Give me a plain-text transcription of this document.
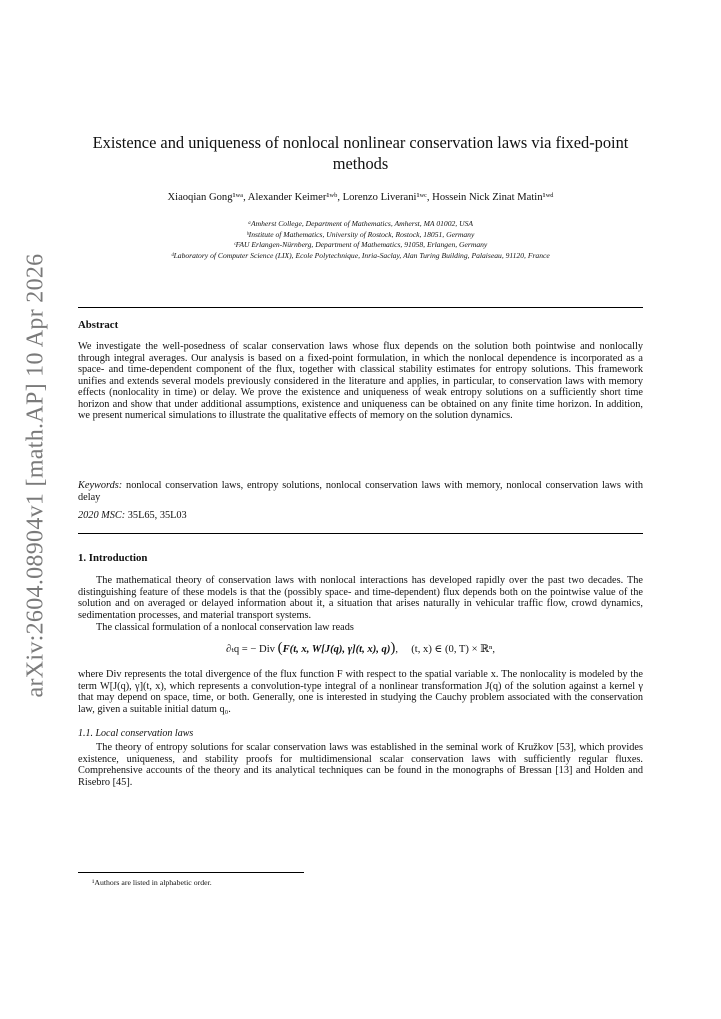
arXiv:2604.08904v1 [math.AP] 10 Apr 2026
Existence and uniqueness of nonlocal nonlinear conservation laws via fixed-point methods
Xiaoqian Gong¹ʷᵃ, Alexander Keimer¹ʷᵇ, Lorenzo Liverani¹ʷᶜ, Hossein Nick Zinat Matin¹ʷᵈ
ᵃAmherst College, Department of Mathematics, Amherst, MA 01002, USA
ᵇInstitute of Mathematics, University of Rostock, Rostock, 18051, Germany
ᶜFAU Erlangen-Nürnberg, Department of Mathematics, 91058, Erlangen, Germany
ᵈLaboratory of Computer Science (LIX), Ecole Polytechnique, Inria-Saclay, Alan Turing Building, Palaiseau, 91120, France
Abstract
We investigate the well-posedness of scalar conservation laws whose flux depends on the solution both pointwise and nonlocally through integral averages. Our analysis is based on a fixed-point formulation, in which the nonlocal dependence is incorporated as a space- and time-dependent component of the flux, together with classical stability estimates for entropy solutions. This framework unifies and extends several models previously considered in the literature and applies, in particular, to conservation laws with memory effects (nonlocality in time) or delay. We prove the existence and uniqueness of weak entropy solutions on a sufficiently short time horizon and show that under additional assumptions, existence and uniqueness can be obtained on any finite time horizon. In addition, we present numerical simulations to illustrate the qualitative effects of memory on the solution dynamics.
Keywords: nonlocal conservation laws, entropy solutions, nonlocal conservation laws with memory, nonlocal conservation laws with delay
2020 MSC: 35L65, 35L03
1. Introduction
The mathematical theory of conservation laws with nonlocal interactions has developed rapidly over the past two decades. The distinguishing feature of these models is that the (possibly space- and time-dependent) flux depends both on the pointwise value of the solution and on averaged or delayed information about it, a situation that arises naturally in vehicular traffic flow, crowd dynamics, sedimentation processes, and material transport systems.
The classical formulation of a nonlocal conservation law reads
∂ₜq = − Div (F(t, x, W[J(q), γ](t, x), q)),     (t, x) ∈ (0, T) × ℝⁿ,
where Div represents the total divergence of the flux function F with respect to the spatial variable x. The nonlocality is modeled by the term W[J(q), γ](t, x), which represents a convolution-type integral of a nonlinear transformation J(q) of the solution against a kernel γ that may depend on space, time, or both. Generally, one is interested in studying the Cauchy problem associated with the conservation law, given a suitable initial datum q₀.
1.1. Local conservation laws
The theory of entropy solutions for scalar conservation laws was established in the seminal work of Kružkov [53], which provides existence, uniqueness, and stability proofs for multidimensional scalar conservation laws with sufficiently regular fluxes. Comprehensive accounts of the theory and its analytical techniques can be found in the monographs of Bressan [13] and Holden and Risebro [45].
¹Authors are listed in alphabetic order.
